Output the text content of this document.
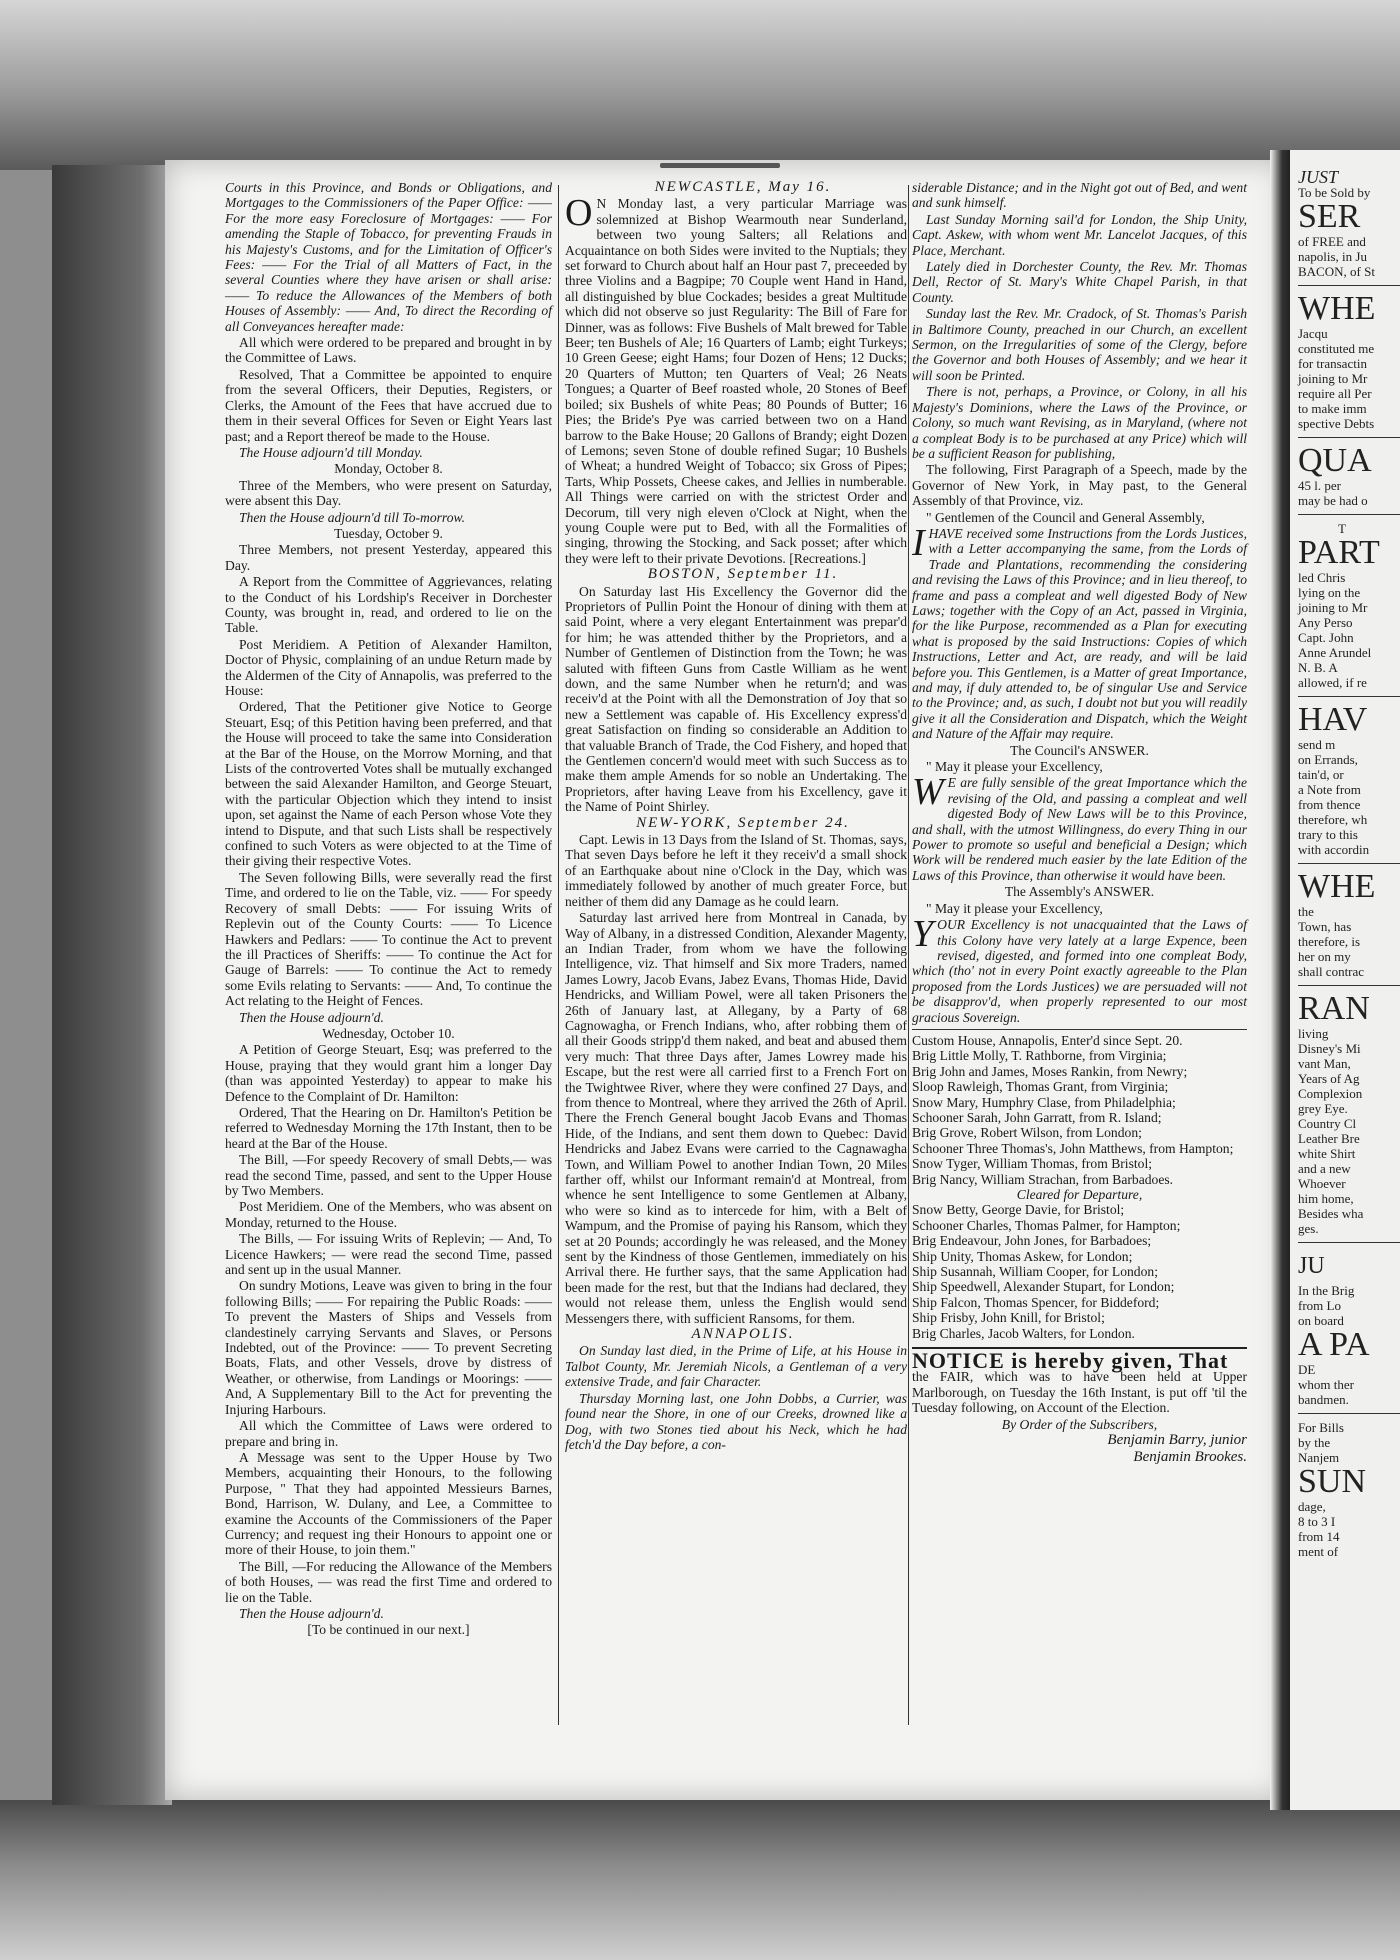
Courts in this Province, and Bonds or Obligations, and Mortgages to the Commissioners of the Paper Office: —— For the more easy Foreclosure of Mortgages: —— For amending the Staple of Tobacco, for preventing Frauds in his Majesty's Customs, and for the Limitation of Officer's Fees: —— For the Trial of all Matters of Fact, in the several Counties where they have arisen or shall arise: —— To reduce the Allowances of the Members of both Houses of Assembly: —— And, To direct the Recording of all Conveyances hereafter made:

All which were ordered to be prepared and brought in by the Committee of Laws.

Resolved, That a Committee be appointed to enquire from the several Officers, their Deputies, Registers, or Clerks, the Amount of the Fees that have accrued due to them in their several Offices for Seven or Eight Years last past; and a Report thereof be made to the House.

The House adjourn'd till Monday.

Monday, October 8.

Three of the Members, who were present on Saturday, were absent this Day.

Then the House adjourn'd till To-morrow.

Tuesday, October 9.

Three Members, not present Yesterday, appeared this Day.

A Report from the Committee of Aggrievances, relating to the Conduct of his Lordship's Receiver in Dorchester County, was brought in, read, and ordered to lie on the Table.

Post Meridiem. A Petition of Alexander Hamilton, Doctor of Physic, complaining of an undue Return made by the Aldermen of the City of Annapolis, was preferred to the House:

Ordered, That the Petitioner give Notice to George Steuart, Esq; of this Petition having been preferred, and that the House will proceed to take the same into Consideration at the Bar of the House, on the Morrow Morning, and that Lists of the controverted Votes shall be mutually exchanged between the said Alexander Hamilton, and George Steuart, with the particular Objection which they intend to insist upon, set against the Name of each Person whose Vote they intend to Dispute, and that such Lists shall be respectively confined to such Voters as were objected to at the Time of their giving their respective Votes.

The Seven following Bills, were severally read the first Time, and ordered to lie on the Table, viz. —— For speedy Recovery of small Debts: —— For issuing Writs of Replevin out of the County Courts: —— To Licence Hawkers and Pedlars: —— To continue the Act to prevent the ill Practices of Sheriffs: —— To continue the Act for Gauge of Barrels: —— To continue the Act to remedy some Evils relating to Servants: —— And, To continue the Act relating to the Height of Fences.

Then the House adjourn'd.

Wednesday, October 10.

A Petition of George Steuart, Esq; was preferred to the House, praying that they would grant him a longer Day (than was appointed Yesterday) to appear to make his Defence to the Complaint of Dr. Hamilton:

Ordered, That the Hearing on Dr. Hamilton's Petition be referred to Wednesday Morning the 17th Instant, then to be heard at the Bar of the House.

The Bill, —For speedy Recovery of small Debts,— was read the second Time, passed, and sent to the Upper House by Two Members.

Post Meridiem. One of the Members, who was absent on Monday, returned to the House.

The Bills, — For issuing Writs of Replevin; — And, To Licence Hawkers; — were read the second Time, passed and sent up in the usual Manner.

On sundry Motions, Leave was given to bring in the four following Bills; —— For repairing the Public Roads: —— To prevent the Masters of Ships and Vessels from clandestinely carrying Servants and Slaves, or Persons Indebted, out of the Province: —— To prevent Secreting Boats, Flats, and other Vessels, drove by distress of Weather, or otherwise, from Landings or Moorings: —— And, A Supplementary Bill to the Act for preventing the Injuring Harbours.

All which the Committee of Laws were ordered to prepare and bring in.

A Message was sent to the Upper House by Two Members, acquainting their Honours, to the following Purpose, " That they had appointed Messieurs Barnes, Bond, Harrison, W. Dulany, and Lee, a Committee to examine the Accounts of the Commissioners of the Paper Currency; and request ing their Honours to appoint one or more of their House, to join them."

The Bill, —For reducing the Allowance of the Members of both Houses, — was read the first Time and ordered to lie on the Table.

Then the House adjourn'd.

[To be continued in our next.]

NEWCASTLE, May 16.

O N Monday last, a very particular Marriage was solemnized at Bishop Wearmouth near Sunderland, between two young Salters; all Relations and Acquaintance on both Sides were invited to the Nuptials; they set forward to Church about half an Hour past 7, preceeded by three Violins and a Bagpipe; 70 Couple went Hand in Hand, all distinguished by blue Cockades; besides a great Multitude which did not observe so just Regularity: The Bill of Fare for Dinner, was as follows: Five Bushels of Malt brewed for Table Beer; ten Bushels of Ale; 16 Quarters of Lamb; eight Turkeys; 10 Green Geese; eight Hams; four Dozen of Hens; 12 Ducks; 20 Quarters of Mutton; ten Quarters of Veal; 26 Neats Tongues; a Quarter of Beef roasted whole, 20 Stones of Beef boiled; six Bushels of white Peas; 80 Pounds of Butter; 16 Pies; the Bride's Pye was carried between two on a Hand barrow to the Bake House; 20 Gallons of Brandy; eight Dozen of Lemons; seven Stone of double refined Sugar; 10 Bushels of Wheat; a hundred Weight of Tobacco; six Gross of Pipes; Tarts, Whip Possets, Cheese cakes, and Jellies in numberable. All Things were carried on with the strictest Order and Decorum, till very nigh eleven o'Clock at Night, when the young Couple were put to Bed, with all the Formalities of singing, throwing the Stocking, and Sack posset; after which they were left to their private Devotions. [Recreations.]

BOSTON, September 11.

On Saturday last His Excellency the Governor did the Proprietors of Pullin Point the Honour of dining with them at said Point, where a very elegant Entertainment was prepar'd for him; he was attended thither by the Proprietors, and a Number of Gentlemen of Distinction from the Town; he was saluted with fifteen Guns from Castle William as he went down, and the same Number when he return'd; and was receiv'd at the Point with all the Demonstration of Joy that so new a Settlement was capable of. His Excellency express'd great Satisfaction on finding so considerable an Addition to that valuable Branch of Trade, the Cod Fishery, and hoped that the Gentlemen concern'd would meet with such Success as to make them ample Amends for so noble an Undertaking. The Proprietors, after having Leave from his Excellency, gave it the Name of Point Shirley.

NEW-YORK, September 24.

Capt. Lewis in 13 Days from the Island of St. Thomas, says, That seven Days before he left it they receiv'd a small shock of an Earthquake about nine o'Clock in the Day, which was immediately followed by another of much greater Force, but neither of them did any Damage as he could learn.

Saturday last arrived here from Montreal in Canada, by Way of Albany, in a distressed Condition, Alexander Magenty, an Indian Trader, from whom we have the following Intelligence, viz. That himself and Six more Traders, named James Lowry, Jacob Evans, Jabez Evans, Thomas Hide, David Hendricks, and William Powel, were all taken Prisoners the 26th of January last, at Allegany, by a Party of 68 Cagnowagha, or French Indians, who, after robbing them of all their Goods stripp'd them naked, and beat and abused them very much: That three Days after, James Lowrey made his Escape, but the rest were all carried first to a French Fort on the Twightwee River, where they were confined 27 Days, and from thence to Montreal, where they arrived the 26th of April. There the French General bought Jacob Evans and Thomas Hide, of the Indians, and sent them down to Quebec: David Hendricks and Jabez Evans were carried to the Cagnawagha Town, and William Powel to another Indian Town, 20 Miles farther off, whilst our Informant remain'd at Montreal, from whence he sent Intelligence to some Gentlemen at Albany, who were so kind as to intercede for him, with a Belt of Wampum, and the Promise of paying his Ransom, which they set at 20 Pounds; accordingly he was released, and the Money sent by the Kindness of those Gentlemen, immediately on his Arrival there. He further says, that the same Application had been made for the rest, but that the Indians had declared, they would not release them, unless the English would send Messengers there, with sufficient Ransoms, for them.

ANNAPOLIS.

On Sunday last died, in the Prime of Life, at his House in Talbot County, Mr. Jeremiah Nicols, a Gentleman of a very extensive Trade, and fair Character.

Thursday Morning last, one John Dobbs, a Currier, was found near the Shore, in one of our Creeks, drowned like a Dog, with two Stones tied about his Neck, which he had fetch'd the Day before, a con-

siderable Distance; and in the Night got out of Bed, and went and sunk himself.

Last Sunday Morning sail'd for London, the Ship Unity, Capt. Askew, with whom went Mr. Lancelot Jacques, of this Place, Merchant.

Lately died in Dorchester County, the Rev. Mr. Thomas Dell, Rector of St. Mary's White Chapel Parish, in that County.

Sunday last the Rev. Mr. Cradock, of St. Thomas's Parish in Baltimore County, preached in our Church, an excellent Sermon, on the Irregularities of some of the Clergy, before the Governor and both Houses of Assembly; and we hear it will soon be Printed.

There is not, perhaps, a Province, or Colony, in all his Majesty's Dominions, where the Laws of the Province, or Colony, so much want Revising, as in Maryland, (where not a compleat Body is to be purchased at any Price) which will be a sufficient Reason for publishing,

The following, First Paragraph of a Speech, made by the Governor of New York, in May past, to the General Assembly of that Province, viz.

" Gentlemen of the Council and General Assembly,

IHAVE received some Instructions from the Lords Justices, with a Letter accompanying the same, from the Lords of Trade and Plantations, recommending the considering and revising the Laws of this Province; and in lieu thereof, to frame and pass a compleat and well digested Body of New Laws; together with the Copy of an Act, passed in Virginia, for the like Purpose, recommended as a Plan for executing what is proposed by the said Instructions: Copies of which Instructions, Letter and Act, are ready, and will be laid before you. This Gentlemen, is a Matter of great Importance, and may, if duly attended to, be of singular Use and Service to the Province; and, as such, I doubt not but you will readily give it all the Consideration and Dispatch, which the Weight and Nature of the Affair may require.

The Council's ANSWER.

" May it please your Excellency,

W E are fully sensible of the great Importance which the revising of the Old, and passing a compleat and well digested Body of New Laws will be to this Province, and shall, with the utmost Willingness, do every Thing in our Power to promote so useful and beneficial a Design; which Work will be rendered much easier by the late Edition of the Laws of this Province, than otherwise it would have been.

The Assembly's ANSWER.

" May it please your Excellency,

YOUR Excellency is not unacquainted that the Laws of this Colony have very lately at a large Expence, been revised, digested, and formed into one compleat Body, which (tho' not in every Point exactly agreeable to the Plan proposed from the Lords Justices) we are persuaded will not be disapprov'd, when properly represented to our most gracious Sovereign.

Custom House, Annapolis, Enter'd since Sept. 20.

Brig Little Molly, T. Rathborne, from Virginia;

Brig John and James, Moses Rankin, from Newry;

Sloop Rawleigh, Thomas Grant, from Virginia;

Snow Mary, Humphry Clase, from Philadelphia;

Schooner Sarah, John Garratt, from R. Island;

Brig Grove, Robert Wilson, from London;

Schooner Three Thomas's, John Matthews, from Hampton;

Snow Tyger, William Thomas, from Bristol;

Brig Nancy, William Strachan, from Barbadoes.

Cleared for Departure,

Snow Betty, George Davie, for Bristol;

Schooner Charles, Thomas Palmer, for Hampton;

Brig Endeavour, John Jones, for Barbadoes;

Ship Unity, Thomas Askew, for London;

Ship Susannah, William Cooper, for London;

Ship Speedwell, Alexander Stupart, for London;

Ship Falcon, Thomas Spencer, for Biddeford;

Ship Frisby, John Knill, for Bristol;

Brig Charles, Jacob Walters, for London.

NOTICE is hereby given, That

the FAIR, which was to have been held at Upper Marlborough, on Tuesday the 16th Instant, is put off 'til the Tuesday following, on Account of the Election.

By Order of the Subscribers,

Benjamin Barry, junior

Benjamin Brookes.

JUST
To be Sold by
SER
of FREE and
napolis, in Ju
BACON, of St
WHE
Jacqu
constituted me
for transactin
joining to Mr
require all Per
to make imm
spective Debts
QUA
45 l. per
may be had o
T
PART
led Chris
lying on the
joining to Mr
Any Perso
Capt. John
Anne Arundel
N. B. A
allowed, if re
HAV
send m
on Errands,
tain'd, or
a Note from
from thence
therefore, wh
trary to this
with accordin
WHE
the
Town, has
therefore, is
her on my
shall contrac
RAN
living
Disney's Mi
vant Man,
Years of Ag
Complexion
grey Eye.
Country Cl
Leather Bre
white Shirt
and a new
Whoever
him home,
Besides wha
ges.
JU
In the Brig
from Lo
on board
A PA
DE
whom ther
bandmen.
For Bills
by the
Nanjem
SUN
dage,
8 to 3 I
from 14
ment of
